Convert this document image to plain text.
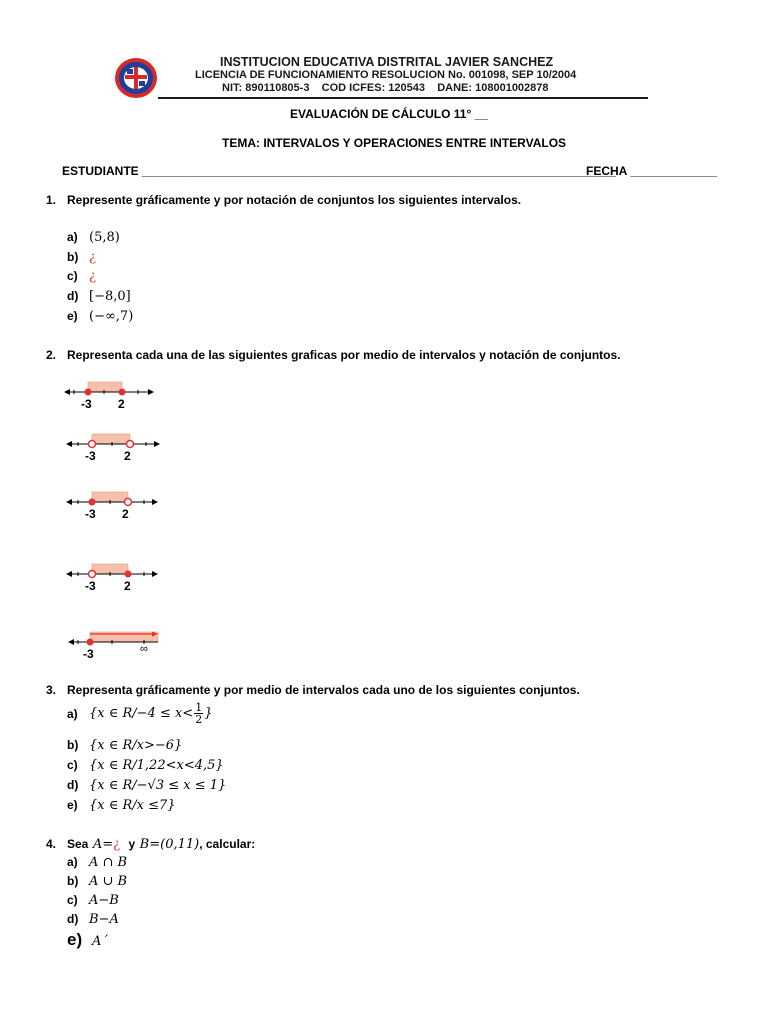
INSTITUCION EDUCATIVA DISTRITAL JAVIER SANCHEZ
LICENCIA DE FUNCIONAMIENTO RESOLUCION No. 001098, SEP 10/2004
NIT: 890110805-3    COD ICFES: 120543    DANE: 108001002878
EVALUACIÓN DE CÁLCULO 11° __
TEMA: INTERVALOS Y OPERACIONES ENTRE INTERVALOS
ESTUDIANTE _______________________________________________________________________
FECHA _____________
1. Represente gráficamente y por notación de conjuntos los siguientes intervalos.
a) (5,8)
b) ¿
c) ¿
d) [−8,0]
e) (−∞,7)
2. Representa cada una de las siguientes graficas por medio de intervalos y notación de conjuntos.
-3 2
-3 2
-3 2
-3 2
-3	∞
3. Representa gráficamente y por medio de intervalos cada uno de los siguientes conjuntos.
a) {x ∈ $R/-4 \le x< \frac{1}{2}$ }
b) {x ∈ R/x>−6}
c) {x ∈ R/1,22<x<4,5}
d) {x ∈ R/−√3 ≤ x ≤ 1}
e) {x ∈ R/x ≤7}
4. Sea A=¿ y B=(0,11), calcular:
a) A ∩ B
b) A ∪ B
c) A−B
d) B−A
e) A´
